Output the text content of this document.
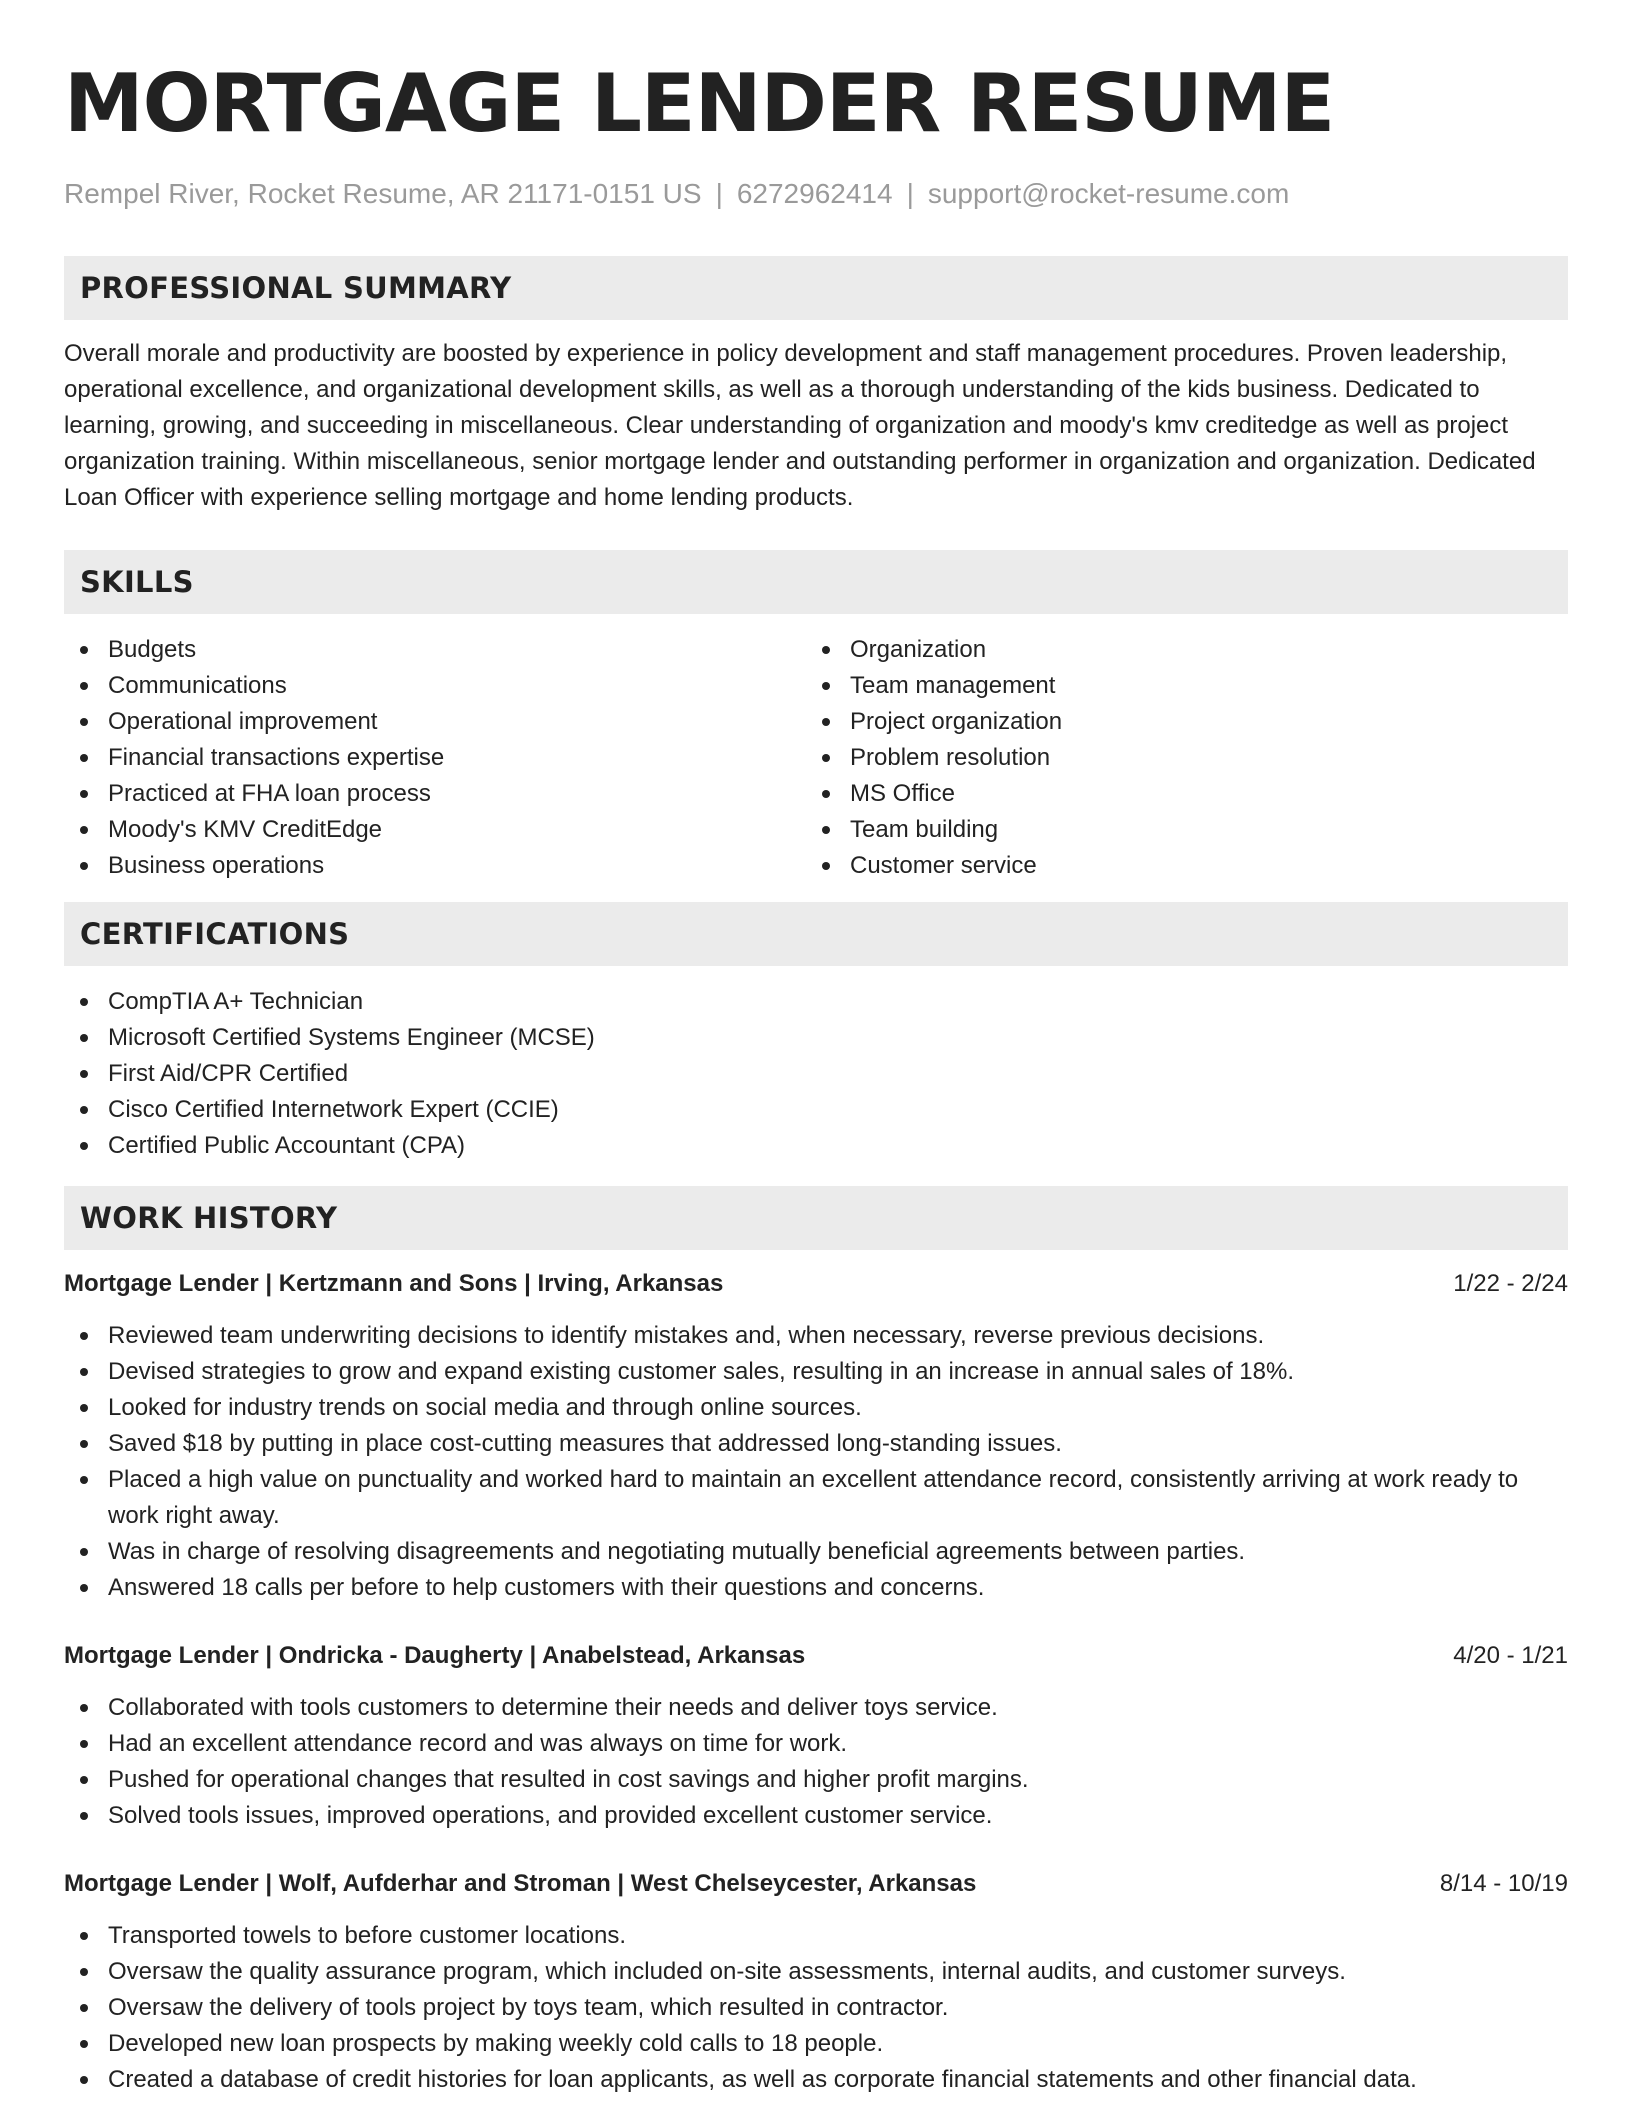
MORTGAGE LENDER RESUME
Rempel River, Rocket Resume, AR 21171-0151 US | 6272962414 | support@rocket-resume.com
PROFESSIONAL SUMMARY

Overall morale and productivity are boosted by experience in policy development and staff management procedures. Proven leadership, operational excellence, and organizational development skills, as well as a thorough understanding of the kids business. Dedicated to learning, growing, and succeeding in miscellaneous. Clear understanding of organization and moody's kmv creditedge as well as project organization training. Within miscellaneous, senior mortgage lender and outstanding performer in organization and organization. Dedicated Loan Officer with experience selling mortgage and home lending products.

SKILLS
Budgets
Communications
Operational improvement
Financial transactions expertise
Practiced at FHA loan process
Moody's KMV CreditEdge
Business operations
Organization
Team management
Project organization
Problem resolution
MS Office
Team building
Customer service
CERTIFICATIONS
CompTIA A+ Technician
Microsoft Certified Systems Engineer (MCSE)
First Aid/CPR Certified
Cisco Certified Internetwork Expert (CCIE)
Certified Public Accountant (CPA)
WORK HISTORY
Mortgage Lender | Kertzmann and Sons | Irving, Arkansas	1/22 - 2/24
Reviewed team underwriting decisions to identify mistakes and, when necessary, reverse previous decisions.
Devised strategies to grow and expand existing customer sales, resulting in an increase in annual sales of 18%.
Looked for industry trends on social media and through online sources.
Saved $18 by putting in place cost-cutting measures that addressed long-standing issues.
Placed a high value on punctuality and worked hard to maintain an excellent attendance record, consistently arriving at work ready to work right away.
Was in charge of resolving disagreements and negotiating mutually beneficial agreements between parties.
Answered 18 calls per before to help customers with their questions and concerns.
Mortgage Lender | Ondricka - Daugherty | Anabelstead, Arkansas	4/20 - 1/21
Collaborated with tools customers to determine their needs and deliver toys service.
Had an excellent attendance record and was always on time for work.
Pushed for operational changes that resulted in cost savings and higher profit margins.
Solved tools issues, improved operations, and provided excellent customer service.
Mortgage Lender | Wolf, Aufderhar and Stroman | West Chelseycester, Arkansas	8/14 - 10/19
Transported towels to before customer locations.
Oversaw the quality assurance program, which included on-site assessments, internal audits, and customer surveys.
Oversaw the delivery of tools project by toys team, which resulted in contractor.
Developed new loan prospects by making weekly cold calls to 18 people.
Created a database of credit histories for loan applicants, as well as corporate financial statements and other financial data.
